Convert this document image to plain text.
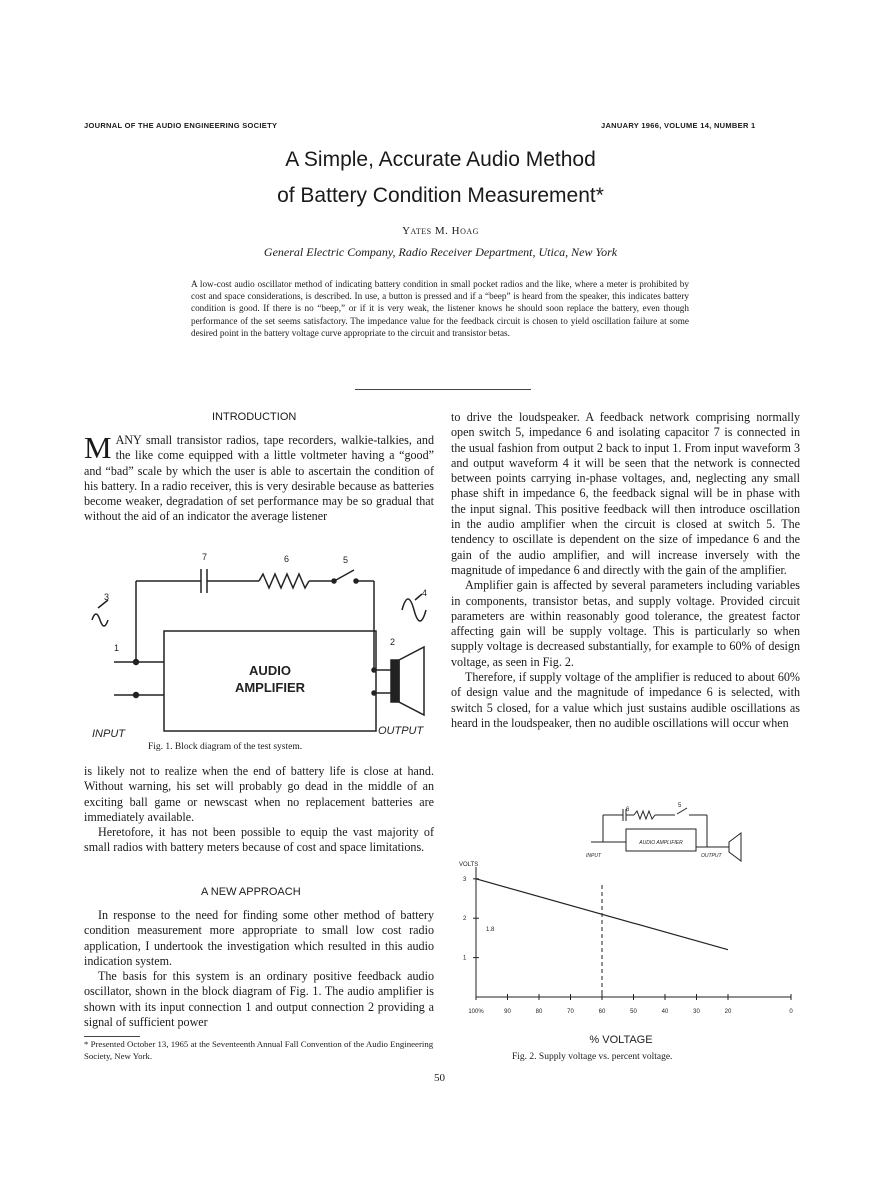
JOURNAL OF THE AUDIO ENGINEERING SOCIETY	JANUARY 1966, VOLUME 14, NUMBER 1
A Simple, Accurate Audio Method
of Battery Condition Measurement*
Yates M. Hoag
General Electric Company, Radio Receiver Department, Utica, New York
A low-cost audio oscillator method of indicating battery condition in small pocket radios and the like, where a meter is prohibited by cost and space considerations, is described. In use, a button is pressed and if a “beep” is heard from the speaker, this indicates battery condition is good. If there is no “beep,” or if it is very weak, the listener knows he should soon replace the battery, even though performance of the set seems satisfactory. The impedance value for the feedback circuit is chosen to yield oscillation failure at some desired point in the battery voltage curve appropriate to the circuit and transistor betas.
INTRODUCTION
MANY small transistor radios, tape recorders, walkie-talkies, and the like come equipped with a little voltmeter having a “good” and “bad” scale by which the user is able to ascertain the condition of his battery. In a radio receiver, this is very desirable because as batteries become weaker, degradation of set performance may be so gradual that without the aid of an indicator the average listener
7	6	5
3	4
1
2
AUDIO
AMPLIFIER
INPUT	OUTPUT
Fig. 1. Block diagram of the test system.

is likely not to realize when the end of battery life is close at hand. Without warning, his set will probably go dead in the middle of an exciting ball game or newscast when no replacement batteries are immediately available.

Heretofore, it has not been possible to equip the vast majority of small radios with battery meters because of cost and space limitations.

A NEW APPROACH

In response to the need for finding some other method of battery condition measurement more appropriate to small low cost radio application, I undertook the investigation which resulted in this audio indication system.

The basis for this system is an ordinary positive feedback audio oscillator, shown in the block diagram of Fig. 1. The audio amplifier is shown with its input connection 1 and output connection 2 providing a signal of sufficient power

* Presented October 13, 1965 at the Seventeenth Annual Fall Convention of the Audio Engineering Society, New York.

to drive the loudspeaker. A feedback network comprising normally open switch 5, impedance 6 and isolating capacitor 7 is connected in the usual fashion from output 2 back to input 1. From input waveform 3 and output waveform 4 it will be seen that the network is connected between points carrying in-phase voltages, and, neglecting any small phase shift in impedance 6, the feedback signal will be in phase with the input signal. This positive feedback will then introduce oscillation in the audio amplifier when the circuit is closed at switch 5. The tendency to oscillate is dependent on the size of impedance 6 and the gain of the audio amplifier, and will increase inversely with the magnitude of impedance 6 and directly with the gain of the amplifier.

Amplifier gain is affected by several parameters including variables in components, transistor betas, and supply voltage. Provided circuit parameters are within reasonably good tolerance, the greatest factor affecting gain will be supply voltage. This is particularly so when supply voltage is decreased substantially, for example to 60% of design voltage, as seen in Fig. 2.

Therefore, if supply voltage of the amplifier is reduced to about 60% of design value and the magnitude of impedance 6 is selected, with switch 5 closed, for a value which just sustains audible oscillations as heard in the loudspeaker, then no audible oscillations will occur when

6
5
AUDIO AMPLIFIER
INPUT	OUTPUT
3
2
1
100%	90	80	70	60	50	40	30	20	0
VOLTS
1.8
% VOLTAGE
Fig. 2. Supply voltage vs. percent voltage.
50
